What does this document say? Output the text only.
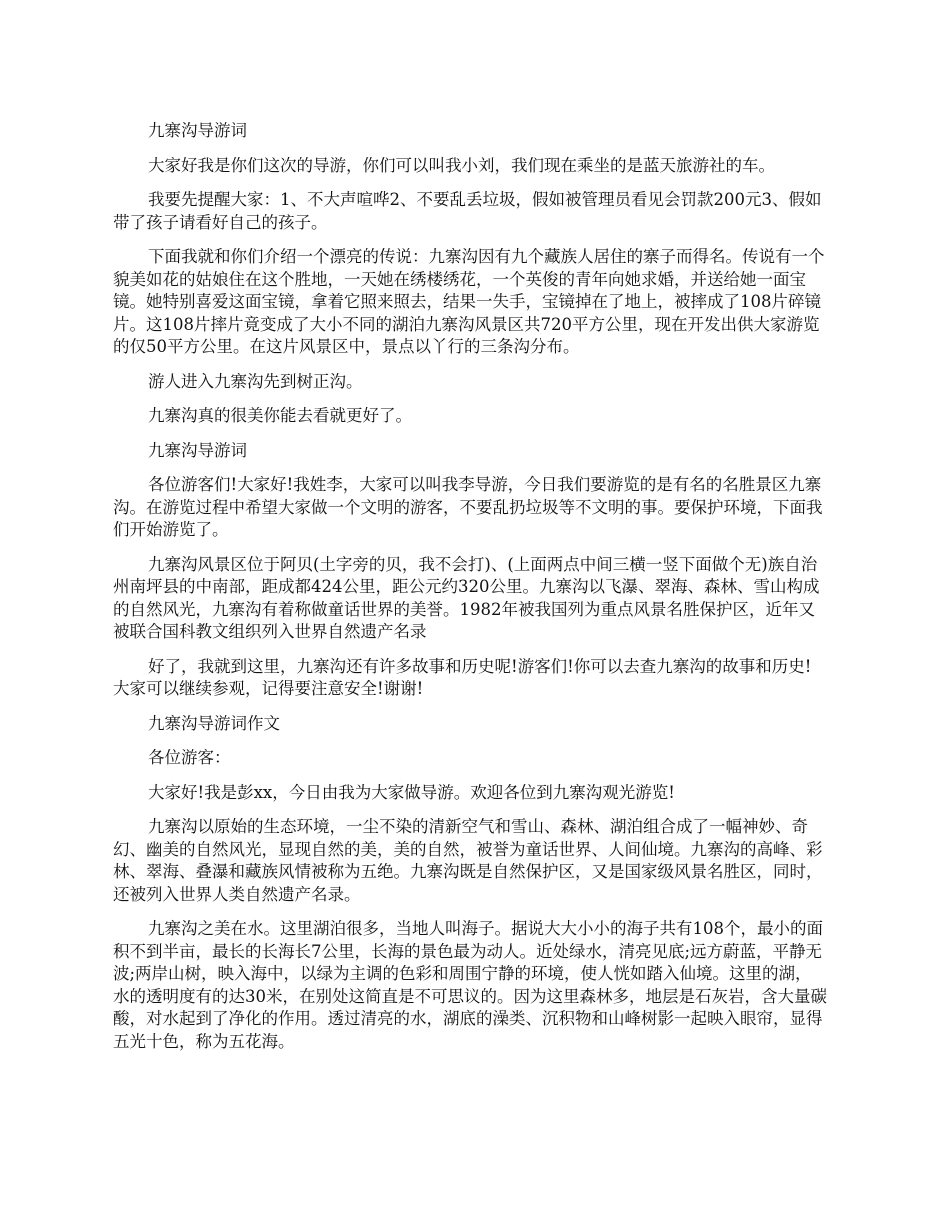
九寨沟导游词

大家好我是你们这次的导游，你们可以叫我小刘，我们现在乘坐的是蓝天旅游社的车。

我要先提醒大家：1、不大声喧哗2、不要乱丢垃圾，假如被管理员看见会罚款200元3、假如带了孩子请看好自己的孩子。

下面我就和你们介绍一个漂亮的传说：九寨沟因有九个藏族人居住的寨子而得名。传说有一个貌美如花的姑娘住在这个胜地，一天她在绣楼绣花，一个英俊的青年向她求婚，并送给她一面宝镜。她特别喜爱这面宝镜，拿着它照来照去，结果一失手，宝镜掉在了地上，被摔成了108片碎镜片。这108片摔片竟变成了大小不同的湖泊九寨沟风景区共720平方公里，现在开发出供大家游览的仅50平方公里。在这片风景区中，景点以丫行的三条沟分布。

游人进入九寨沟先到树正沟。

九寨沟真的很美你能去看就更好了。

九寨沟导游词

各位游客们!大家好!我姓李，大家可以叫我李导游，今日我们要游览的是有名的名胜景区九寨沟。在游览过程中希望大家做一个文明的游客，不要乱扔垃圾等不文明的事。要保护环境，下面我们开始游览了。

九寨沟风景区位于阿贝(土字旁的贝，我不会打)、(上面两点中间三横一竖下面做个无)族自治州南坪县的中南部，距成都424公里，距公元约320公里。九寨沟以飞瀑、翠海、森林、雪山构成的自然风光，九寨沟有着称做童话世界的美誉。1982年被我国列为重点风景名胜保护区，近年又被联合国科教文组织列入世界自然遗产名录

好了，我就到这里，九寨沟还有许多故事和历史呢!游客们!你可以去查九寨沟的故事和历史!大家可以继续参观，记得要注意安全!谢谢!

九寨沟导游词作文

各位游客：

大家好!我是彭xx，今日由我为大家做导游。欢迎各位到九寨沟观光游览!

九寨沟以原始的生态环境，一尘不染的清新空气和雪山、森林、湖泊组合成了一幅神妙、奇幻、幽美的自然风光，显现自然的美，美的自然，被誉为童话世界、人间仙境。九寨沟的高峰、彩林、翠海、叠瀑和藏族风情被称为五绝。九寨沟既是自然保护区，又是国家级风景名胜区，同时，还被列入世界人类自然遗产名录。

九寨沟之美在水。这里湖泊很多，当地人叫海子。据说大大小小的海子共有108个，最小的面积不到半亩，最长的长海长7公里，长海的景色最为动人。近处绿水，清亮见底;远方蔚蓝，平静无波;两岸山树，映入海中，以绿为主调的色彩和周围宁静的环境，使人恍如踏入仙境。这里的湖，水的透明度有的达30米，在别处这简直是不可思议的。因为这里森林多，地层是石灰岩，含大量碳酸，对水起到了净化的作用。透过清亮的水，湖底的澡类、沉积物和山峰树影一起映入眼帘，显得五光十色，称为五花海。
